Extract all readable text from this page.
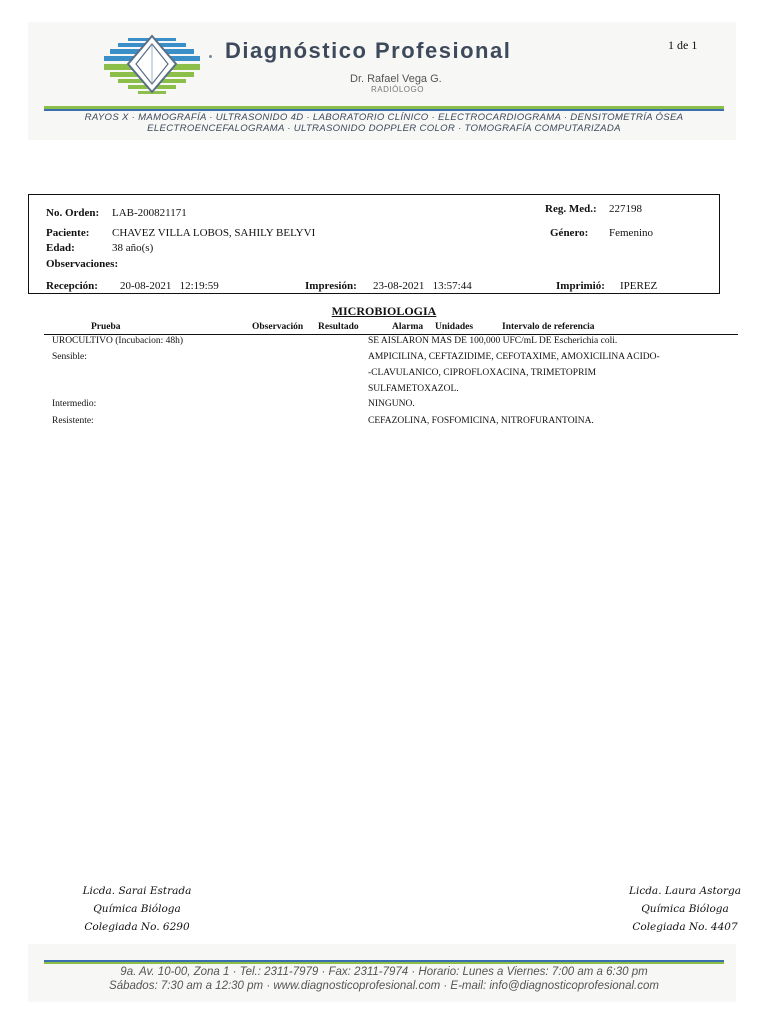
Diagnóstico Profesional	1 de 1
Dr. Rafael Vega G.
RADIÓLOGO
RAYOS X · MAMOGRAFÍA · ULTRASONIDO 4D · LABORATORIO CLÍNICO · ELECTROCARDIOGRAMA · DENSITOMETRÍA ÓSEA
ELECTROENCEFALOGRAMA · ULTRASONIDO DOPPLER COLOR · TOMOGRAFÍA COMPUTARIZADA
No. Orden: LAB-200821171	Reg. Med.: 227198
Paciente: CHAVEZ VILLA LOBOS, SAHILY BELYVI	Género: Femenino
Edad:	38 año(s)
Observaciones:
Recepción: 20-08-2021   12:19:59	Impresión: 23-08-2021   13:57:44	Imprimió: IPEREZ
MICROBIOLOGIA
Prueba	Observación Resultado	Alarma Unidades	Intervalo de referencia
UROCULTIVO (Incubacion: 48h)	SE AISLARON MAS DE 100,000 UFC/mL DE Escherichia coli.
Sensible:	AMPICILINA, CEFTAZIDIME, CEFOTAXIME, AMOXICILINA ACIDO-
-CLAVULANICO, CIPROFLOXACINA, TRIMETOPRIM
SULFAMETOXAZOL.
Intermedio:	NINGUNO.
Resistente:	CEFAZOLINA, FOSFOMICINA, NITROFURANTOINA.
Licda. Sarai Estrada
Química Bióloga
Colegiada No. 6290
Licda. Laura Astorga
Química Bióloga
Colegiada No. 4407
9a. Av. 10-00, Zona 1 · Tel.: 2311-7979 · Fax: 2311-7974 · Horario: Lunes a Viernes: 7:00 am a 6:30 pm
Sábados: 7:30 am a 12:30 pm · www.diagnosticoprofesional.com · E-mail: info@diagnosticoprofesional.com
